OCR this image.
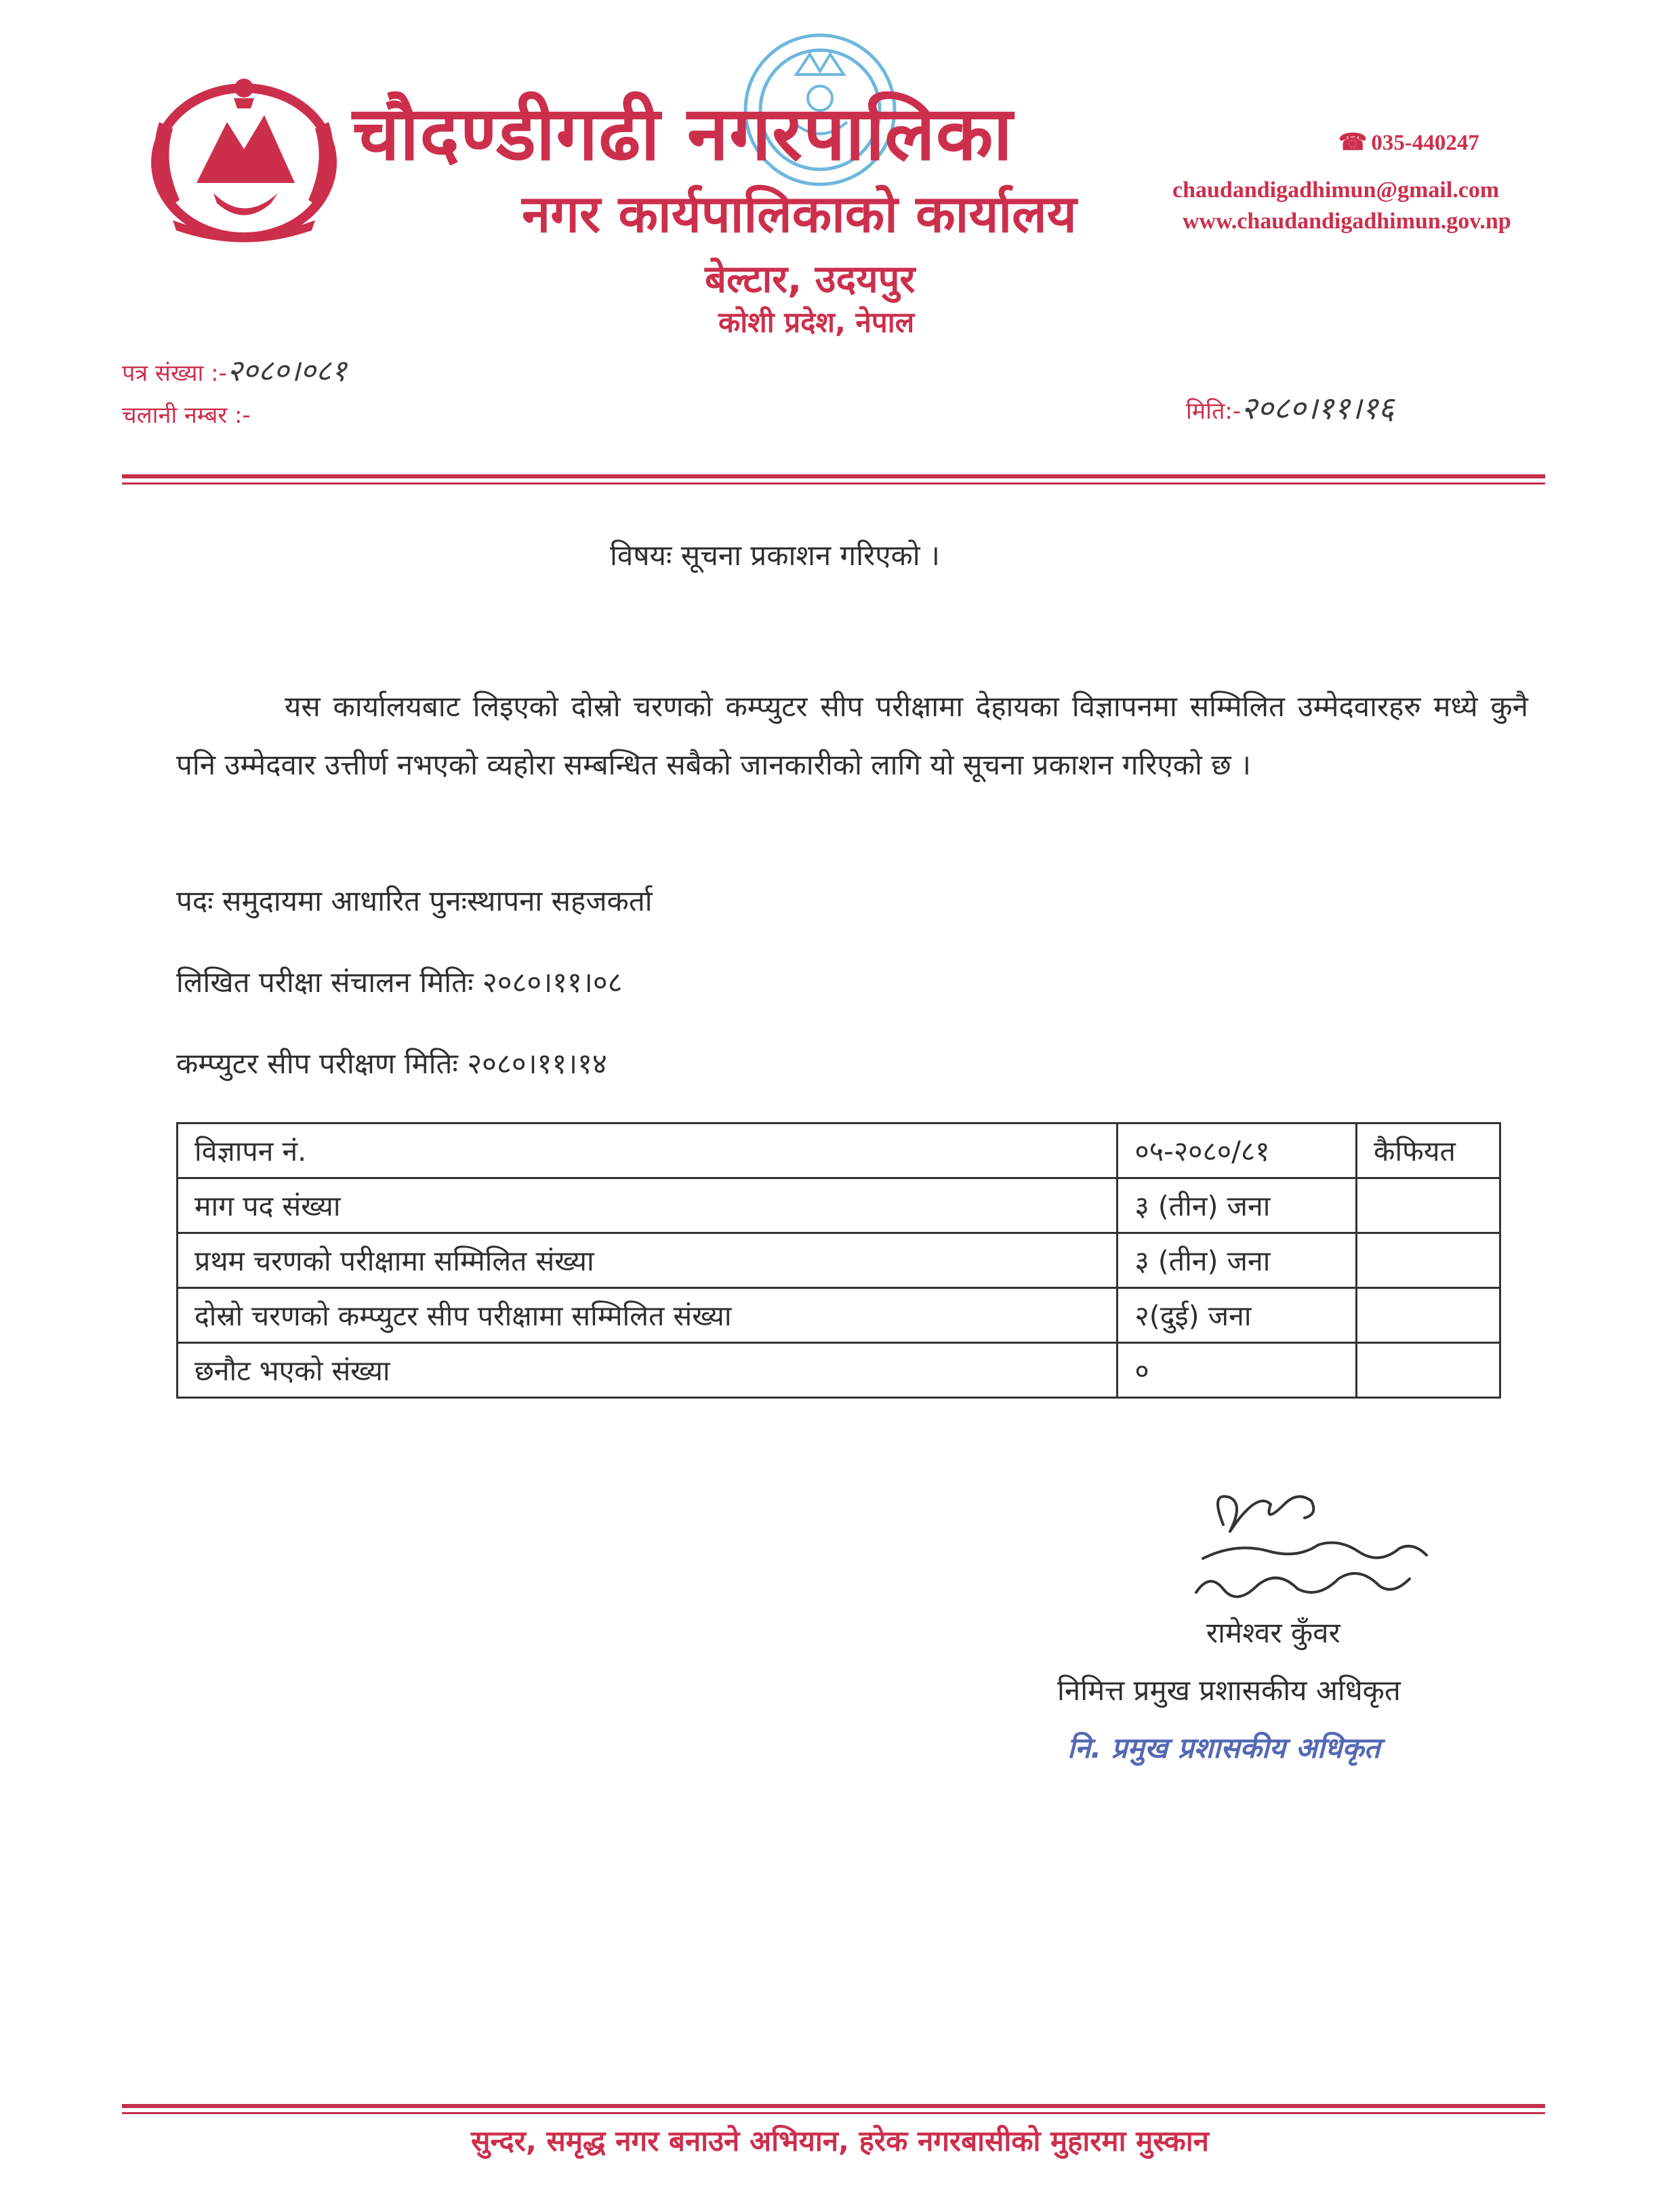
चौदण्डीगढी नगरपालिका
नगर कार्यपालिकाको कार्यालय
बेल्टार, उदयपुर
कोशी प्रदेश, नेपाल
☎ 035-440247
chaudandigadhimun@gmail.com
www.chaudandigadhimun.gov.np
पत्र संख्या :-२०८०।०८१
चलानी नम्बर :-	मिति:-२०८०।११।१६
विषयः सूचना प्रकाशन गरिएको ।
यस कार्यालयबाट लिइएको दोस्रो चरणको कम्प्युटर सीप परीक्षामा देहायका विज्ञापनमा सम्मिलित उम्मेदवारहरु मध्ये कुनै पनि उम्मेदवार उत्तीर्ण नभएको व्यहोरा सम्बन्धित सबैको जानकारीको लागि यो सूचना प्रकाशन गरिएको छ ।
पदः समुदायमा आधारित पुनःस्थापना सहजकर्ता
लिखित परीक्षा संचालन मितिः २०८०।११।०८
कम्प्युटर सीप परीक्षण मितिः २०८०।११।१४
विज्ञापन नं.	०५-२०८०/८१	कैफियत
माग पद संख्या	३ (तीन) जना	
प्रथम चरणको परीक्षामा सम्मिलित संख्या	३ (तीन) जना	
दोस्रो चरणको कम्प्युटर सीप परीक्षामा सम्मिलित संख्या	२(दुई) जना	
छनौट भएको संख्या	०	
रामेश्वर कुँवर
निमित्त प्रमुख प्रशासकीय अधिकृत
नि. प्रमुख प्रशासकीय अधिकृत
सुन्दर, समृद्ध नगर बनाउने अभियान, हरेक नगरबासीको मुहारमा मुस्कान
